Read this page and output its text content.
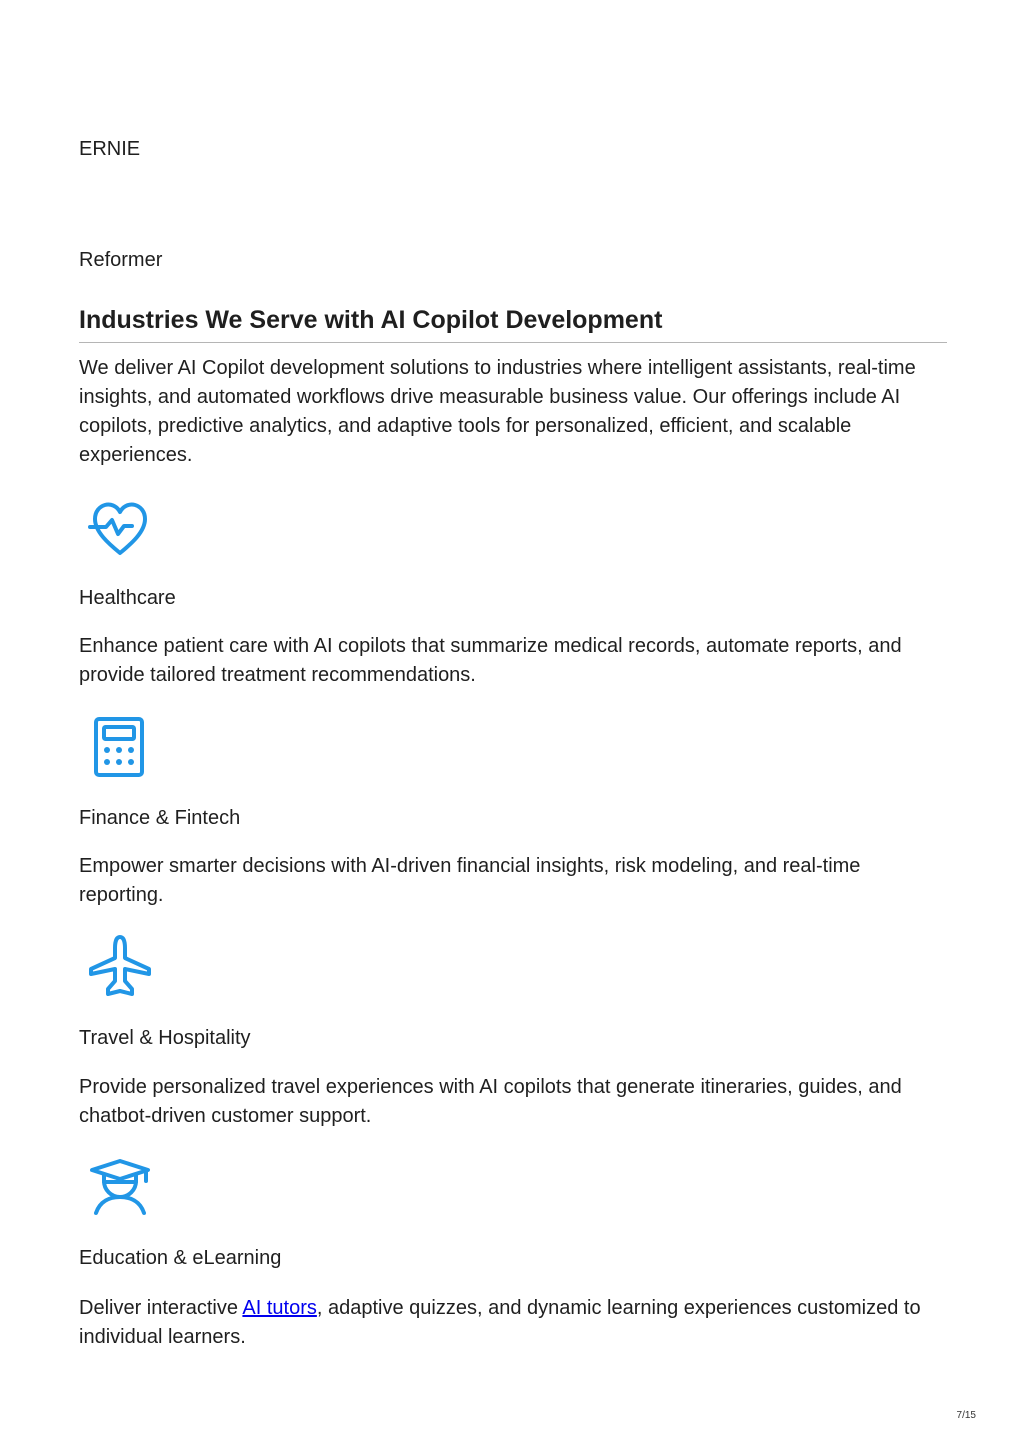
ERNIE

Reformer

Industries We Serve with AI Copilot Development

We deliver AI Copilot development solutions to industries where intelligent assistants, real-time insights, and automated workflows drive measurable business value. Our offerings include AI copilots, predictive analytics, and adaptive tools for personalized, efficient, and scalable experiences.

Healthcare

Enhance patient care with AI copilots that summarize medical records, automate reports, and provide tailored treatment recommendations.

Finance & Fintech

Empower smarter decisions with AI-driven financial insights, risk modeling, and real-time reporting.

Travel & Hospitality

Provide personalized travel experiences with AI copilots that generate itineraries, guides, and chatbot-driven customer support.

Education & eLearning

Deliver interactive AI tutors, adaptive quizzes, and dynamic learning experiences customized to individual learners.

7/15
